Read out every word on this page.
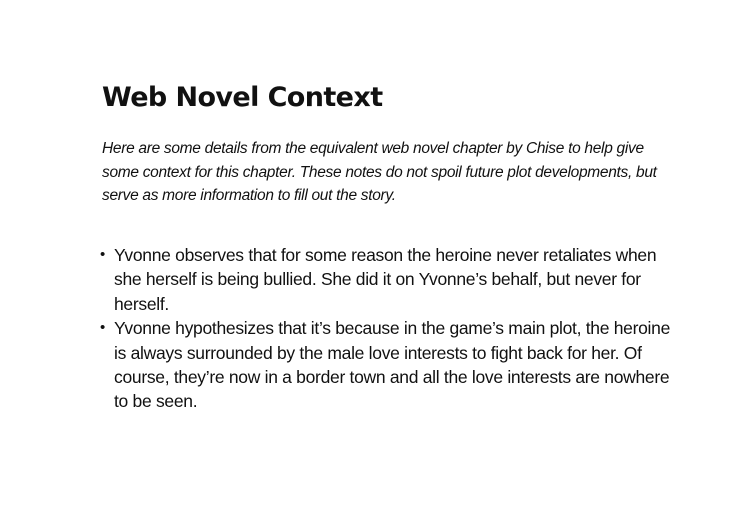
Web Novel Context

Here are some details from the equivalent web novel chapter by Chise to help give some context for this chapter. These notes do not spoil future plot developments, but serve as more information to fill out the story.

• Yvonne observes that for some reason the heroine never retaliates when she herself is being bullied. She did it on Yvonne’s behalf, but never for herself.
• Yvonne hypothesizes that it’s because in the game’s main plot, the heroine is always surrounded by the male love interests to fight back for her. Of course, they’re now in a border town and all the love interests are nowhere to be seen.
